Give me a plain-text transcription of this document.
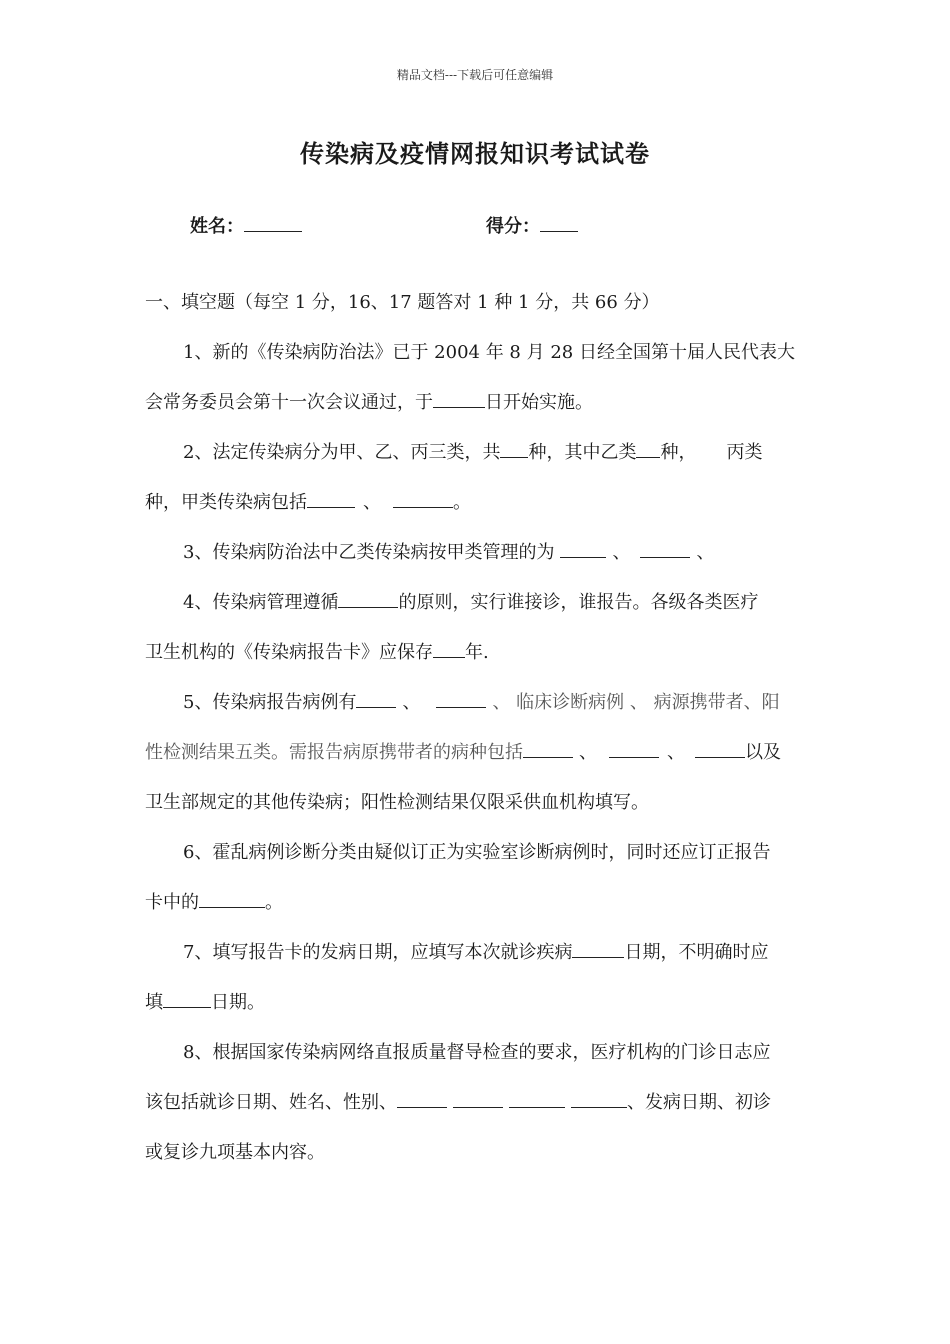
精品文档---下载后可任意编辑
传染病及疫情网报知识考试试卷
姓名：	得分：
一、填空题（每空 1 分，16、17 题答对 1 种 1 分，共 66 分）
1、新的《传染病防治法》已于 2004 年 8 月 28 日经全国第十届人民代表大
会常务委员会第十一次会议通过，于	日开始实施。
2、法定传染病分为甲、乙、丙三类，共 种，其中乙类 种， 丙类
种，甲类传染病包括	、	。
3、传染病防治法中乙类传染病按甲类管理的为	、	、
4、传染病管理遵循	的原则，实行谁接诊，谁报告。各级各类医疗
卫生机构的《传染病报告卡》应保存 年.
5、传染病报告病例有	、	、 临床诊断病例 、 病源携带者、阳
性检测结果五类。需报告病原携带者的病种包括	、	、	以及
卫生部规定的其他传染病；阳性检测结果仅限采供血机构填写。
6、霍乱病例诊断分类由疑似订正为实验室诊断病例时，同时还应订正报告
卡中的	。
7、填写报告卡的发病日期，应填写本次就诊疾病	日期，不明确时应
填	日期。
8、根据国家传染病网络直报质量督导检查的要求，医疗机构的门诊日志应
该包括就诊日期、姓名、性别、	、发病日期、初诊
或复诊九项基本内容。
